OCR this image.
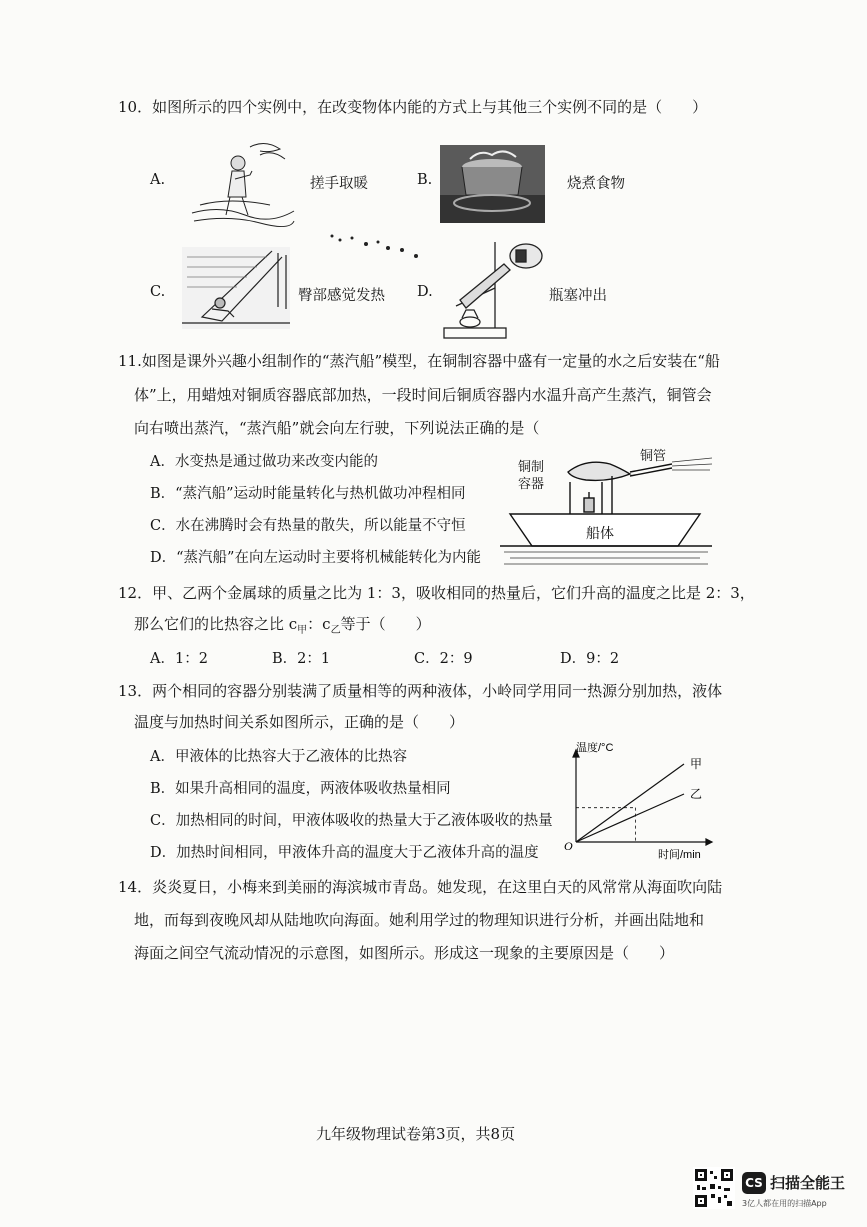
10．如图所示的四个实例中，在改变物体内能的方式上与其他三个实例不同的是（　　）
A.	搓手取暖	B.	烧煮食物
C.	臀部感觉发热 D.	瓶塞冲出
11.如图是课外兴趣小组制作的“蒸汽船”模型，在铜制容器中盛有一定量的水之后安装在“船
体”上，用蜡烛对铜质容器底部加热，一段时间后铜质容器内水温升高产生蒸汽，铜管会
向右喷出蒸汽，“蒸汽船”就会向左行驶，下列说法正确的是（
A．水变热是通过做功来改变内能的
B．“蒸汽船”运动时能量转化与热机做功冲程相同
C．水在沸腾时会有热量的散失，所以能量不守恒
D．“蒸汽船”在向左运动时主要将机械能转化为内能
铜制
容器
铜管
船体
12．甲、乙两个金属球的质量之比为 1：3，吸收相同的热量后，它们升高的温度之比是 2：3，
那么它们的比热容之比 $c_甲$：$c_乙$等于（　　）
A．1：2	B．2：1	C．2：9	D．9：2
13．两个相同的容器分别装满了质量相等的两种液体，小岭同学用同一热源分别加热，液体
温度与加热时间关系如图所示，正确的是（　　）
A．甲液体的比热容大于乙液体的比热容
B．如果升高相同的温度，两液体吸收热量相同
C．加热相同的时间，甲液体吸收的热量大于乙液体吸收的热量
D．加热时间相同，甲液体升高的温度大于乙液体升高的温度
甲
乙
温度/°C
时间/min
O
14．炎炎夏日，小梅来到美丽的海滨城市青岛。她发现，在这里白天的风常常从海面吹向陆
地，而每到夜晚风却从陆地吹向海面。她利用学过的物理知识进行分析，并画出陆地和
海面之间空气流动情况的示意图，如图所示。形成这一现象的主要原因是（　　）
九年级物理试卷第3页，共8页
CS 扫描全能王
3亿人都在用的扫描App
